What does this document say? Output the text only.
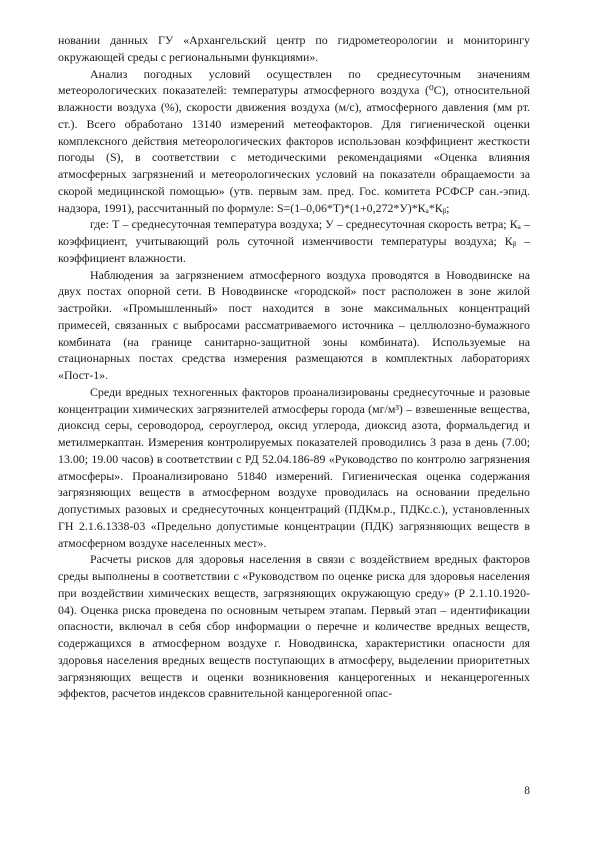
новании данных ГУ «Архангельский центр по гидрометеорологии и мониторингу окружающей среды с региональными функциями».

Анализ погодных условий осуществлен по среднесуточным значениям метеорологических показателей: температуры атмосферного воздуха (⁰С), относительной влажности воздуха (%), скорости движения воздуха (м/с), атмосферного давления (мм рт. ст.). Всего обработано 13140 измерений метеофакторов. Для гигиенической оценки комплексного действия метеорологических факторов использован коэффициент жесткости погоды (S), в соответствии с методическими рекомендациями «Оценка влияния атмосферных загрязнений и метеорологических условий на показатели обращаемости за скорой медицинской помощью» (утв. первым зам. пред. Гос. комитета РСФСР сан.-эпид. надзора, 1991), рассчитанный по формуле: S=(1–0,06*Т)*(1+0,272*У)*Кₐ*Кᵦ;

где: Т – среднесуточная температура воздуха; У – среднесуточная скорость ветра; Кₐ – коэффициент, учитывающий роль суточной изменчивости температуры воздуха; Кᵦ – коэффициент влажности.

Наблюдения за загрязнением атмосферного воздуха проводятся в Новодвинске на двух постах опорной сети. В Новодвинске «городской» пост расположен в зоне жилой застройки. «Промышленный» пост находится в зоне максимальных концентраций примесей, связанных с выбросами рассматриваемого источника – целлюлозно-бумажного комбината (на границе санитарно-защитной зоны комбината). Используемые на стационарных постах средства измерения размещаются в комплектных лабораториях «Пост-1».

Среди вредных техногенных факторов проанализированы среднесуточные и разовые концентрации химических загрязнителей атмосферы города (мг/м³) – взвешенные вещества, диоксид серы, сероводород, сероуглерод, оксид углерода, диоксид азота, формальдегид и метилмеркаптан. Измерения контролируемых показателей проводились 3 раза в день (7.00; 13.00; 19.00 часов) в соответствии с РД 52.04.186-89 «Руководство по контролю загрязнения атмосферы». Проанализировано 51840 измерений. Гигиеническая оценка содержания загрязняющих веществ в атмосферном воздухе проводилась на основании предельно допустимых разовых и среднесуточных концентраций (ПДКм.р., ПДКс.с.), установленных ГН 2.1.6.1338-03 «Предельно допустимые концентрации (ПДК) загрязняющих веществ в атмосферном воздухе населенных мест».

Расчеты рисков для здоровья населения в связи с воздействием вредных факторов среды выполнены в соответствии с «Руководством по оценке риска для здоровья населения при воздействии химических веществ, загрязняющих окружающую среду» (Р 2.1.10.1920-04). Оценка риска проведена по основным четырем этапам. Первый этап – идентификации опасности, включал в себя сбор информации о перечне и количестве вредных веществ, содержащихся в атмосферном воздухе г. Новодвинска, характеристики опасности для здоровья населения вредных веществ поступающих в атмосферу, выделении приоритетных загрязняющих веществ и оценки возникновения канцерогенных и неканцерогенных эффектов, расчетов индексов сравнительной канцерогенной опас-

8
